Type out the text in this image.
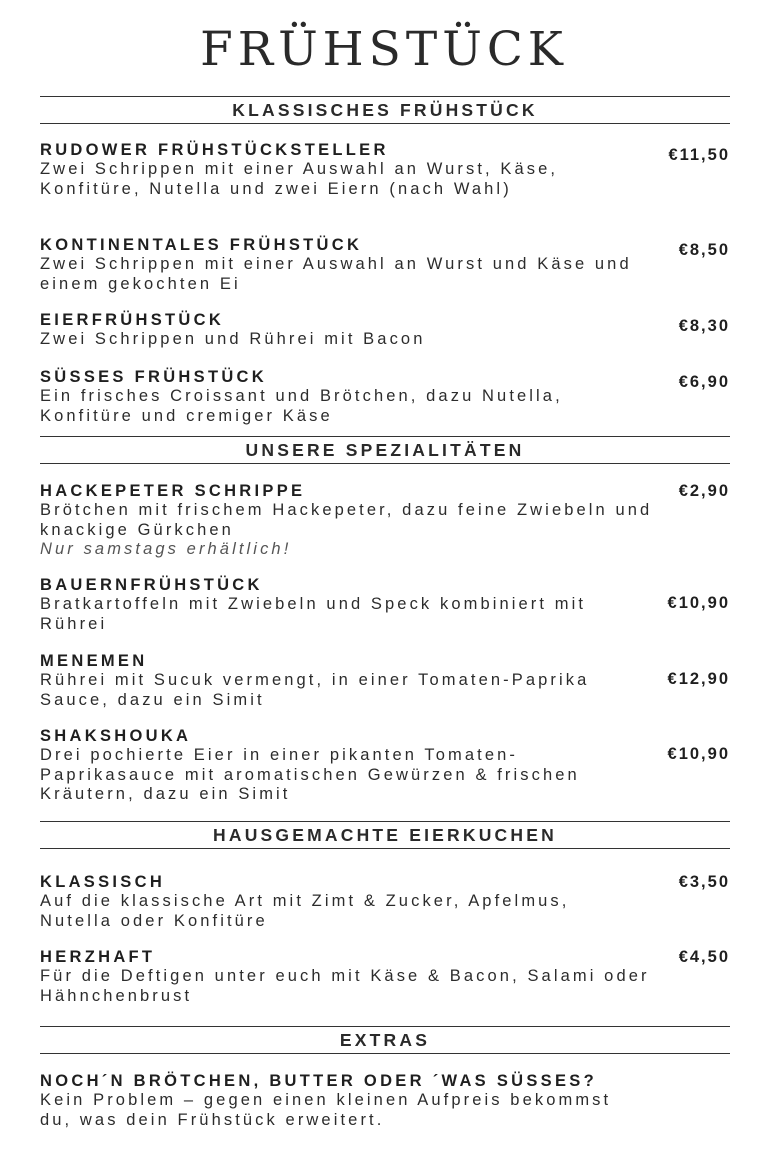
FRÜHSTÜCK
KLASSISCHES FRÜHSTÜCK
RUDOWER FRÜHSTÜCKSTELLER
Zwei Schrippen mit einer Auswahl an Wurst, Käse, Konfitüre, Nutella und zwei Eiern (nach Wahl)
€11,50
KONTINENTALES FRÜHSTÜCK
Zwei Schrippen mit einer Auswahl an Wurst und Käse und einem gekochten Ei
€8,50
EIERFRÜHSTÜCK
Zwei Schrippen und Rührei mit Bacon
€8,30
SÜSSES FRÜHSTÜCK
Ein frisches Croissant und Brötchen, dazu Nutella, Konfitüre und cremiger Käse
€6,90
UNSERE SPEZIALITÄTEN
HACKEPETER SCHRIPPE
Brötchen mit frischem Hackepeter, dazu feine Zwiebeln und knackige Gürkchen
Nur samstags erhältlich!
€2,90
BAUERNFRÜHSTÜCK
Bratkartoffeln mit Zwiebeln und Speck kombiniert mit Rührei
€10,90
MENEMEN
Rührei mit Sucuk vermengt, in einer Tomaten-Paprika Sauce, dazu ein Simit
€12,90
SHAKSHOUKA
Drei pochierte Eier in einer pikanten Tomaten-Paprikasauce mit aromatischen Gewürzen & frischen Kräutern, dazu ein Simit
€10,90
HAUSGEMACHTE EIERKUCHEN
KLASSISCH
Auf die klassische Art mit Zimt & Zucker, Apfelmus, Nutella oder Konfitüre
€3,50
HERZHAFT
Für die Deftigen unter euch mit Käse & Bacon, Salami oder Hähnchenbrust
€4,50
EXTRAS
NOCH´N BRÖTCHEN, BUTTER ODER ´WAS SÜSSES?
Kein Problem – gegen einen kleinen Aufpreis bekommst du, was dein Frühstück erweitert.
